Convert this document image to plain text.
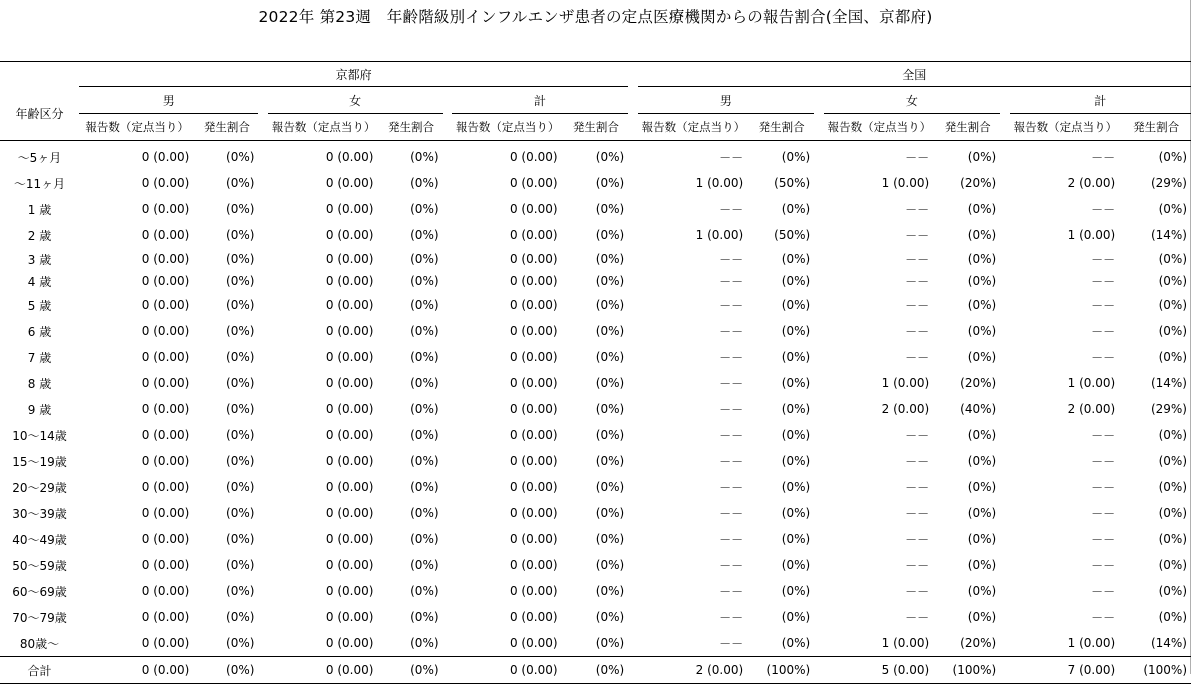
2022年 第23週　年齢階級別インフルエンザ患者の定点医療機関からの報告割合(全国、京都府)
	京都府									全国							
年齢区分	男			女			計			男			女			計	
	報告数（定点当り）	発生割合		報告数（定点当り）	発生割合		報告数（定点当り）	発生割合		報告数（定点当り）	発生割合		報告数（定点当り）	発生割合		報告数（定点当り）	発生割合

～5ヶ月	0 (0.00)	(0%)		0 (0.00)	(0%)		0 (0.00)	(0%)		－－	(0%)		－－	(0%)		－－	(0%)
～11ヶ月	0 (0.00)	(0%)		0 (0.00)	(0%)		0 (0.00)	(0%)		1 (0.00)	(50%)		1 (0.00)	(20%)		2 (0.00)	(29%)
1 歳	0 (0.00)	(0%)		0 (0.00)	(0%)		0 (0.00)	(0%)		－－	(0%)		－－	(0%)		－－	(0%)
2 歳	0 (0.00)	(0%)		0 (0.00)	(0%)		0 (0.00)	(0%)		1 (0.00)	(50%)		－－	(0%)		1 (0.00)	(14%)
3 歳	0 (0.00)	(0%)		0 (0.00)	(0%)		0 (0.00)	(0%)		－－	(0%)		－－	(0%)		－－	(0%)
4 歳	0 (0.00)	(0%)		0 (0.00)	(0%)		0 (0.00)	(0%)		－－	(0%)		－－	(0%)		－－	(0%)
5 歳	0 (0.00)	(0%)		0 (0.00)	(0%)		0 (0.00)	(0%)		－－	(0%)		－－	(0%)		－－	(0%)
6 歳	0 (0.00)	(0%)		0 (0.00)	(0%)		0 (0.00)	(0%)		－－	(0%)		－－	(0%)		－－	(0%)
7 歳	0 (0.00)	(0%)		0 (0.00)	(0%)		0 (0.00)	(0%)		－－	(0%)		－－	(0%)		－－	(0%)
8 歳	0 (0.00)	(0%)		0 (0.00)	(0%)		0 (0.00)	(0%)		－－	(0%)		1 (0.00)	(20%)		1 (0.00)	(14%)
9 歳	0 (0.00)	(0%)		0 (0.00)	(0%)		0 (0.00)	(0%)		－－	(0%)		2 (0.00)	(40%)		2 (0.00)	(29%)
10～14歳	0 (0.00)	(0%)		0 (0.00)	(0%)		0 (0.00)	(0%)		－－	(0%)		－－	(0%)		－－	(0%)
15～19歳	0 (0.00)	(0%)		0 (0.00)	(0%)		0 (0.00)	(0%)		－－	(0%)		－－	(0%)		－－	(0%)
20～29歳	0 (0.00)	(0%)		0 (0.00)	(0%)		0 (0.00)	(0%)		－－	(0%)		－－	(0%)		－－	(0%)
30～39歳	0 (0.00)	(0%)		0 (0.00)	(0%)		0 (0.00)	(0%)		－－	(0%)		－－	(0%)		－－	(0%)
40～49歳	0 (0.00)	(0%)		0 (0.00)	(0%)		0 (0.00)	(0%)		－－	(0%)		－－	(0%)		－－	(0%)
50～59歳	0 (0.00)	(0%)		0 (0.00)	(0%)		0 (0.00)	(0%)		－－	(0%)		－－	(0%)		－－	(0%)
60～69歳	0 (0.00)	(0%)		0 (0.00)	(0%)		0 (0.00)	(0%)		－－	(0%)		－－	(0%)		－－	(0%)
70～79歳	0 (0.00)	(0%)		0 (0.00)	(0%)		0 (0.00)	(0%)		－－	(0%)		－－	(0%)		－－	(0%)
80歳～	0 (0.00)	(0%)		0 (0.00)	(0%)		0 (0.00)	(0%)		－－	(0%)		1 (0.00)	(20%)		1 (0.00)	(14%)
合計	0 (0.00)	(0%)		0 (0.00)	(0%)		0 (0.00)	(0%)		2 (0.00)	(100%)		5 (0.00)	(100%)		7 (0.00)	(100%)
